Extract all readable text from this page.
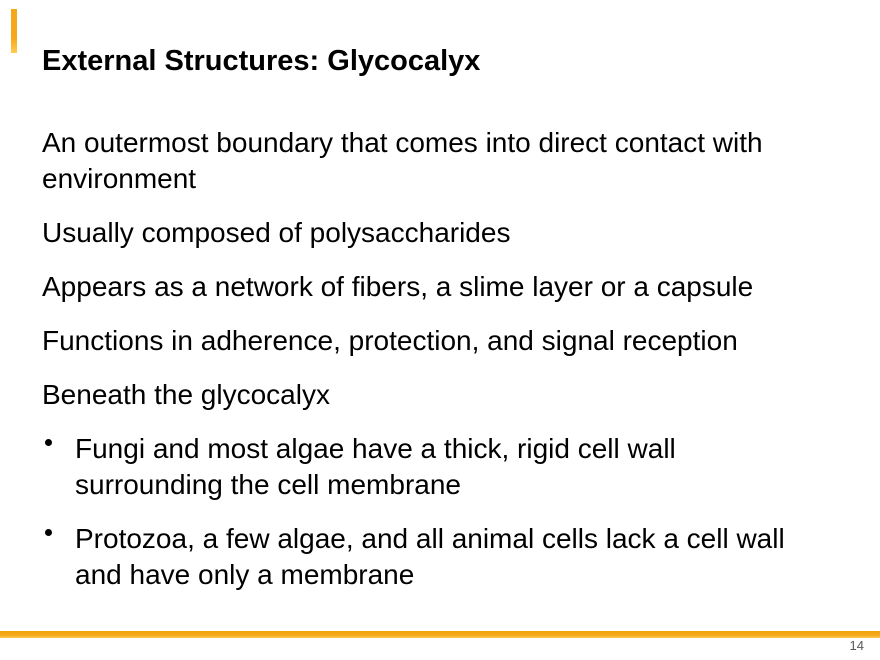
External Structures: Glycocalyx

An outermost boundary that comes into direct contact with environment

Usually composed of polysaccharides

Appears as a network of fibers, a slime layer or a capsule

Functions in adherence, protection, and signal reception

Beneath the glycocalyx

Fungi and most algae have a thick, rigid cell wall surrounding the cell membrane
Protozoa, a few algae, and all animal cells lack a cell wall and have only a membrane
14
